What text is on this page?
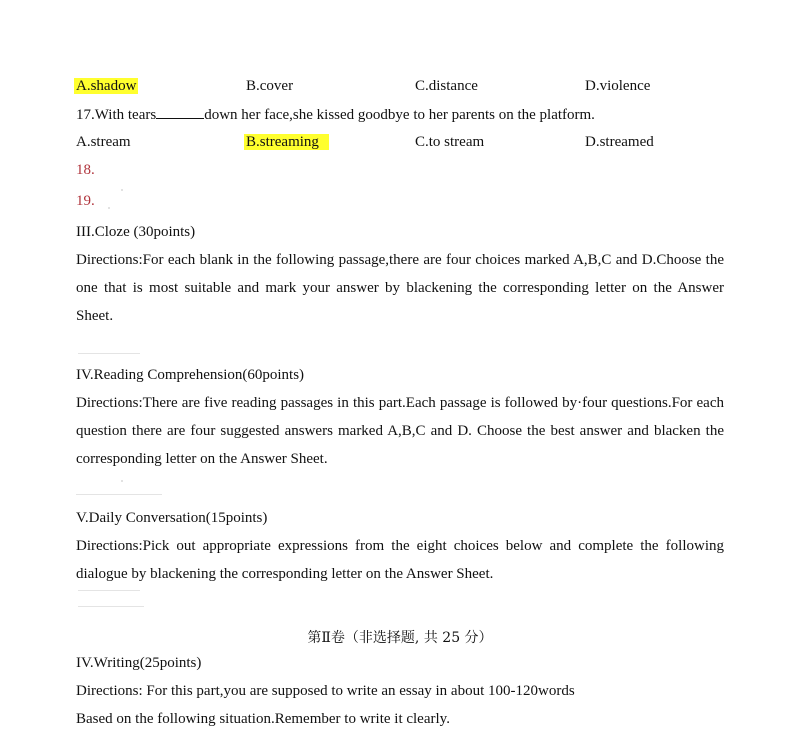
A.shadow	B.cover	C.distance	D.violence
17.With tears	down her face,she kissed goodbye to her parents on the platform.
A.stream	B.streaming	C.to stream	D.streamed
18.
19.
III.Cloze (30points)
Directions:For each blank in the following passage,there are four choices marked A,B,C and D.Choose the one that is most suitable and mark your answer by blackening the corresponding letter on the Answer Sheet.
IV.Reading Comprehension(60points)
Directions:There are five reading passages in this part.Each passage is followed by·four questions.For each question there are four suggested answers marked A,B,C and D. Choose the best answer and blacken the corresponding letter on the Answer Sheet.
V.Daily Conversation(15points)
Directions:Pick out appropriate expressions from the eight choices below and complete the following dialogue by blackening the corresponding letter on the Answer Sheet.
第Ⅱ卷（非选择题, 共 25 分）
IV.Writing(25points)
Directions: For this part,you are supposed to write an essay in about 100-120words
Based on the following situation.Remember to write it clearly.
